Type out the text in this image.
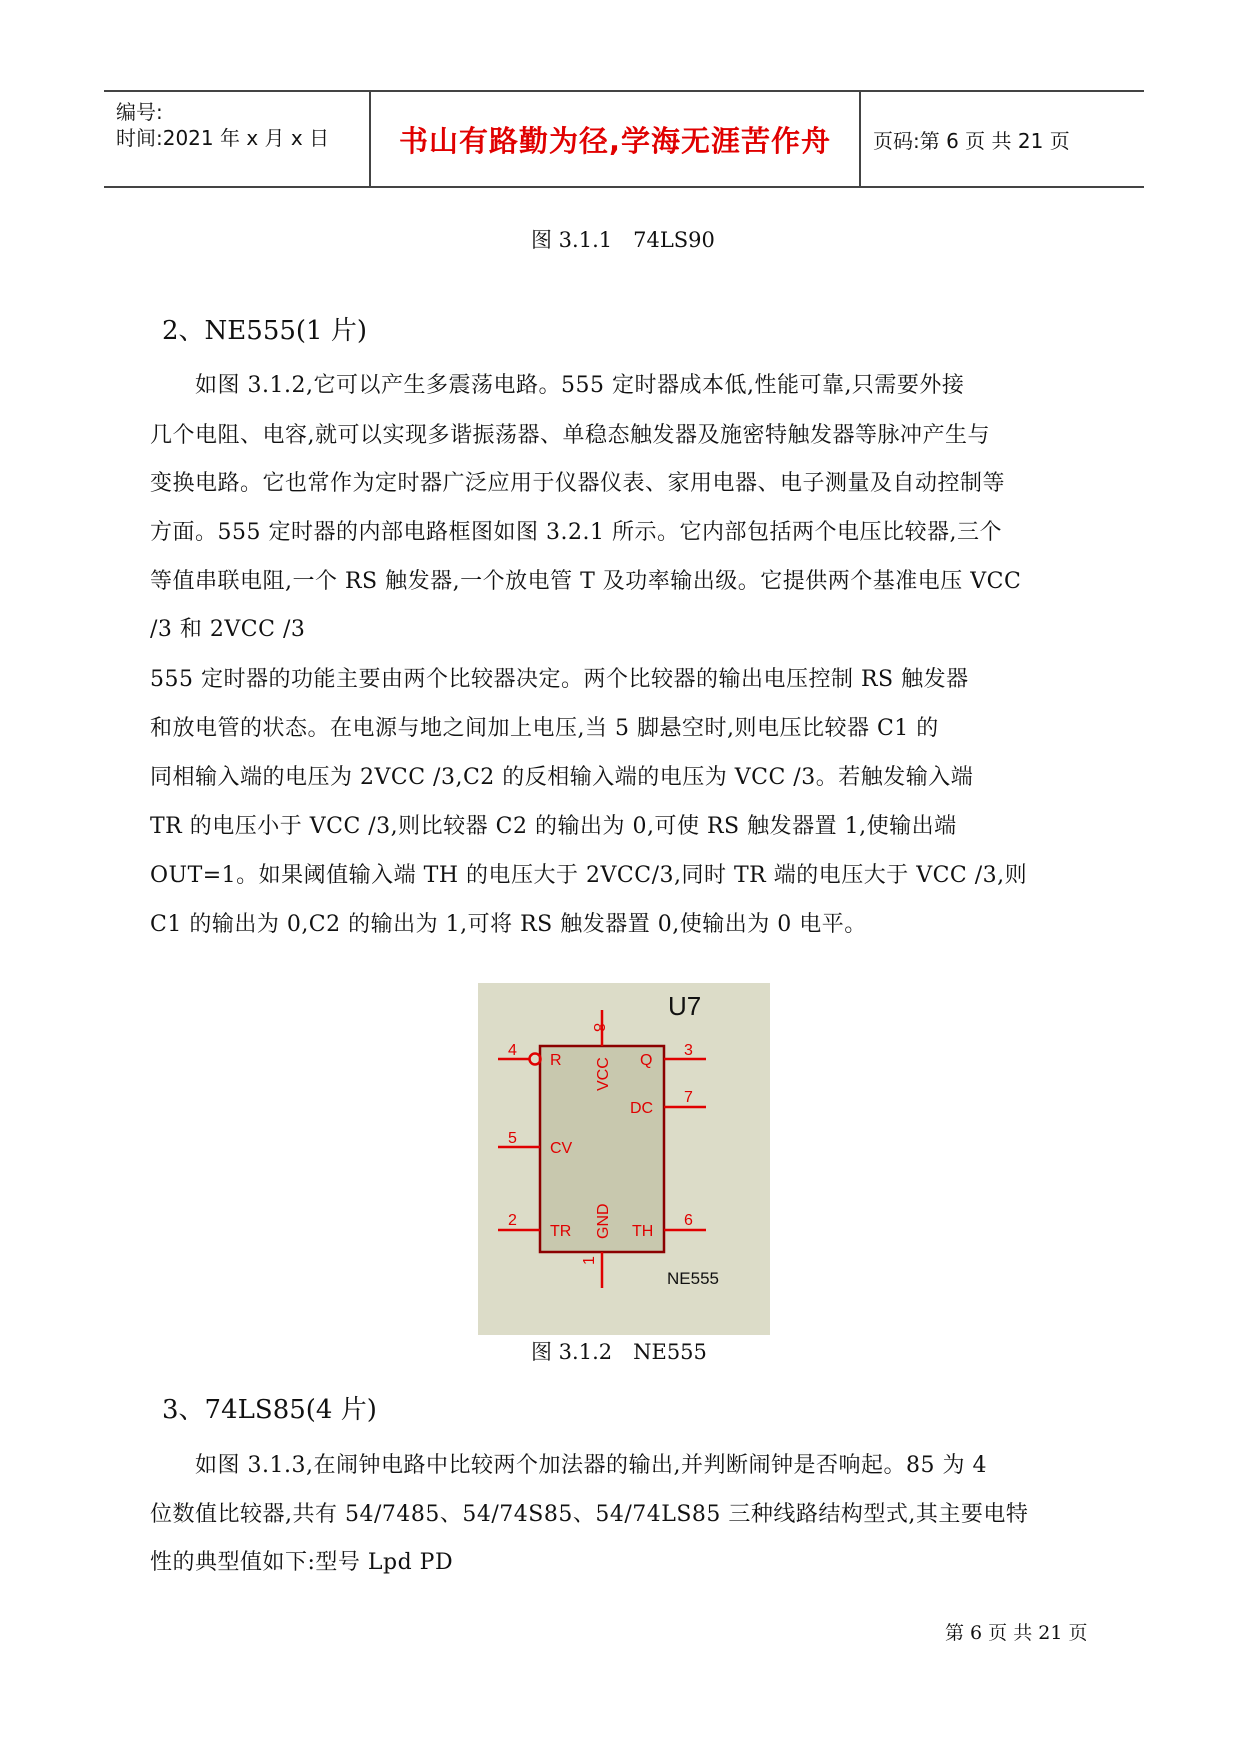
编号:
时间:2021 年 x 月 x 日	书山有路勤为径,学海无涯苦作舟	页码:第 6 页 共 21 页
图 3.1.1　74LS90
2、NE555(1 片)
　　如图 3.1.2,它可以产生多震荡电路。555 定时器成本低,性能可靠,只需要外接
几个电阻、电容,就可以实现多谐振荡器、单稳态触发器及施密特触发器等脉冲产生与
变换电路。它也常作为定时器广泛应用于仪器仪表、家用电器、电子测量及自动控制等
方面。555 定时器的内部电路框图如图 3.2.1 所示。它内部包括两个电压比较器,三个
等值串联电阻,一个 RS 触发器,一个放电管 T 及功率输出级。它提供两个基准电压 VCC
/3 和 2VCC /3
555 定时器的功能主要由两个比较器决定。两个比较器的输出电压控制 RS 触发器
和放电管的状态。在电源与地之间加上电压,当 5 脚悬空时,则电压比较器 C1 的
同相输入端的电压为 2VCC /3,C2 的反相输入端的电压为 VCC /3。若触发输入端
TR 的电压小于 VCC /3,则比较器 C2 的输出为 0,可使 RS 触发器置 1,使输出端
OUT=1。如果阈值输入端 TH 的电压大于 2VCC/3,同时 TR 端的电压大于 VCC /3,则
C1 的输出为 0,C2 的输出为 1,可将 RS 触发器置 0,使输出为 0 电平。
U7
NE555
4	3
7
5
2	6
8
1
R	Q
DC
CV
TR	TH
VCC
GND
图 3.1.2　NE555
3、74LS85(4 片)
　　如图 3.1.3,在闹钟电路中比较两个加法器的输出,并判断闹钟是否响起。85 为 4
位数值比较器,共有 54/7485、54/74S85、54/74LS85 三种线路结构型式,其主要电特
性的典型值如下:型号 Lpd PD
第 6 页 共 21 页
